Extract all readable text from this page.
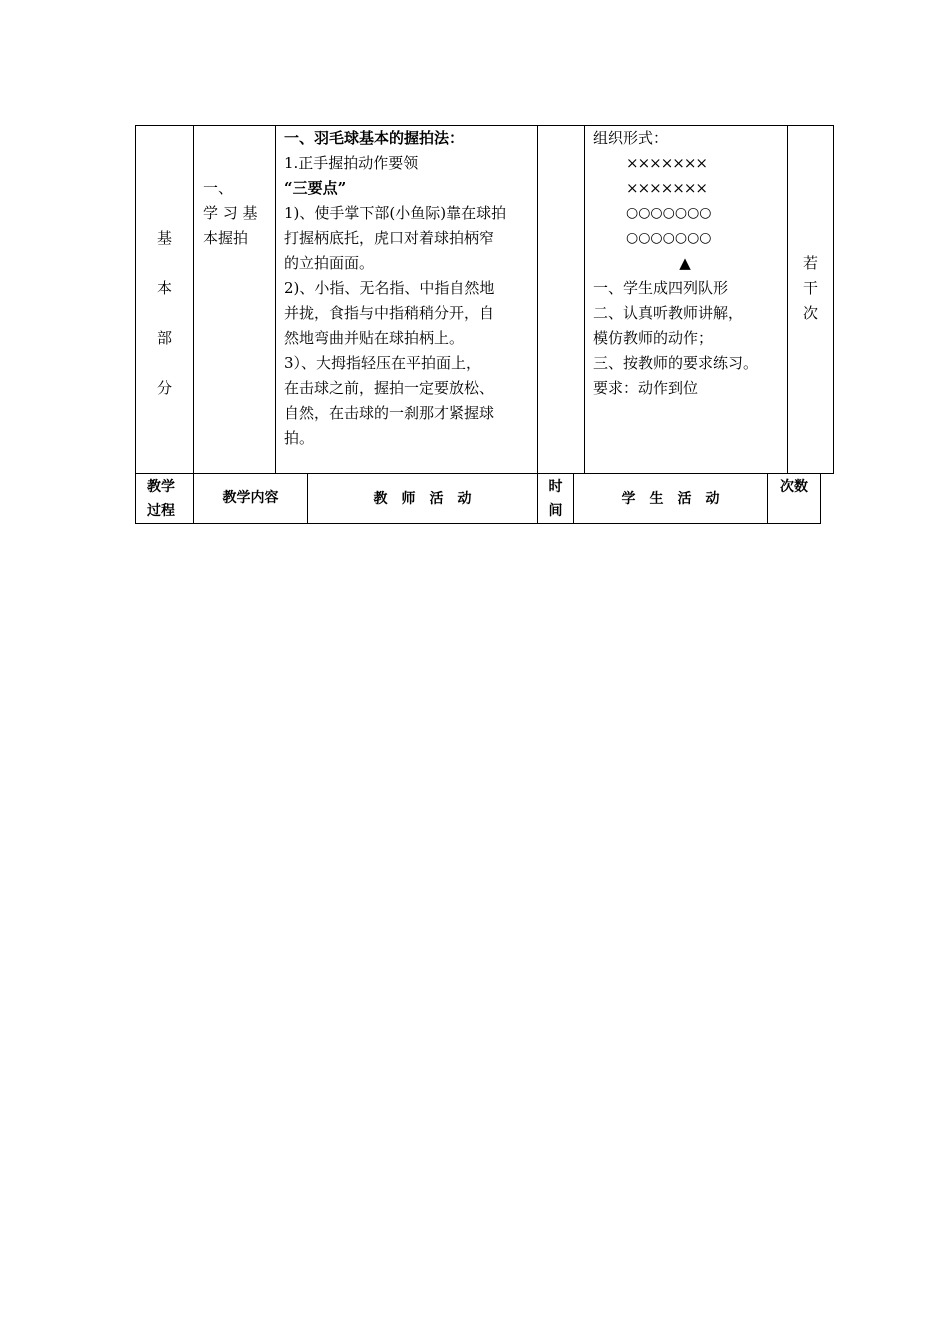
基
本
部
分
一、
学 习 基
本握拍
一、羽毛球基本的握拍法：
1.正手握拍动作要领
“三要点”
1)、使手掌下部(小鱼际)靠在球拍
打握柄底托，虎口对着球拍柄窄
的立拍面面。
2)、小指、无名指、中指自然地
并拢，食指与中指稍稍分开，自
然地弯曲并贴在球拍柄上。
3）、大拇指轻压在平拍面上，
在击球之前，握拍一定要放松、
自然，在击球的一刹那才紧握球
拍。
组织形式：
×××××××
×××××××
○○○○○○○
○○○○○○○
▲
一、学生成四列队形
二、认真听教师讲解，
模仿教师的动作；
三、按教师的要求练习。
要求：动作到位
若
干
次
教学
过程
教学内容	教　师　活　动
时
间
学　生　活　动
次数
